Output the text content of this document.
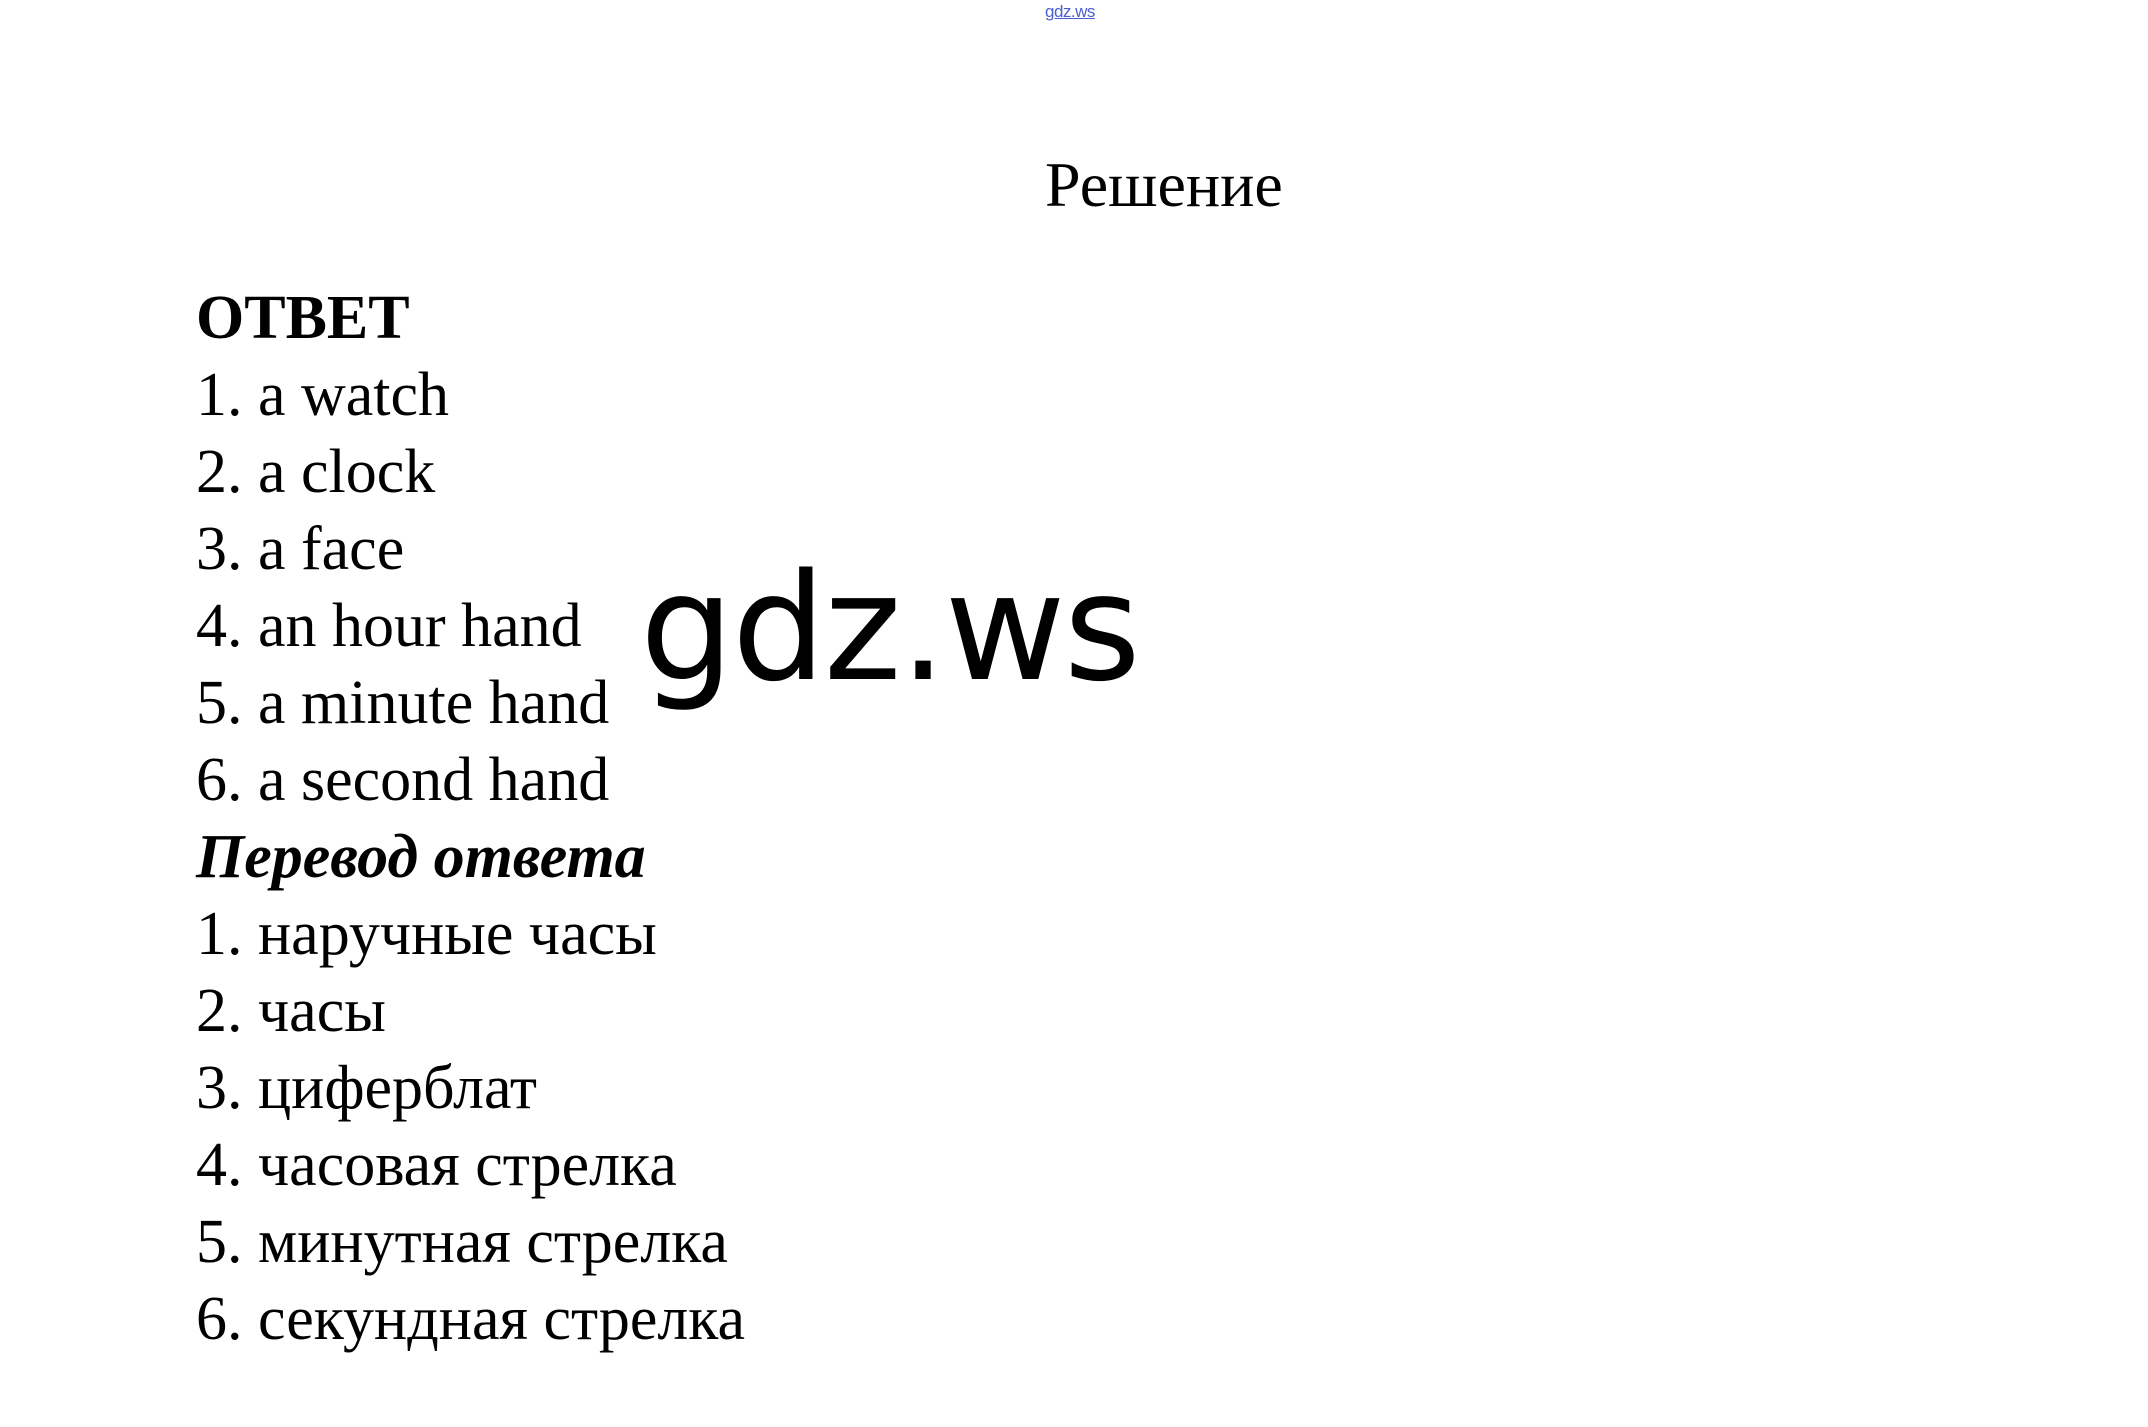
gdz.ws
Решение
ОТВЕТ
1. a watch
2. a clock
3. a face
4. an hour hand
5. a minute hand
6. a second hand
Перевод ответа
1. наручные часы
2. часы
3. циферблат
4. часовая стрелка
5. минутная стрелка
6. секундная стрелка
gdz.ws
